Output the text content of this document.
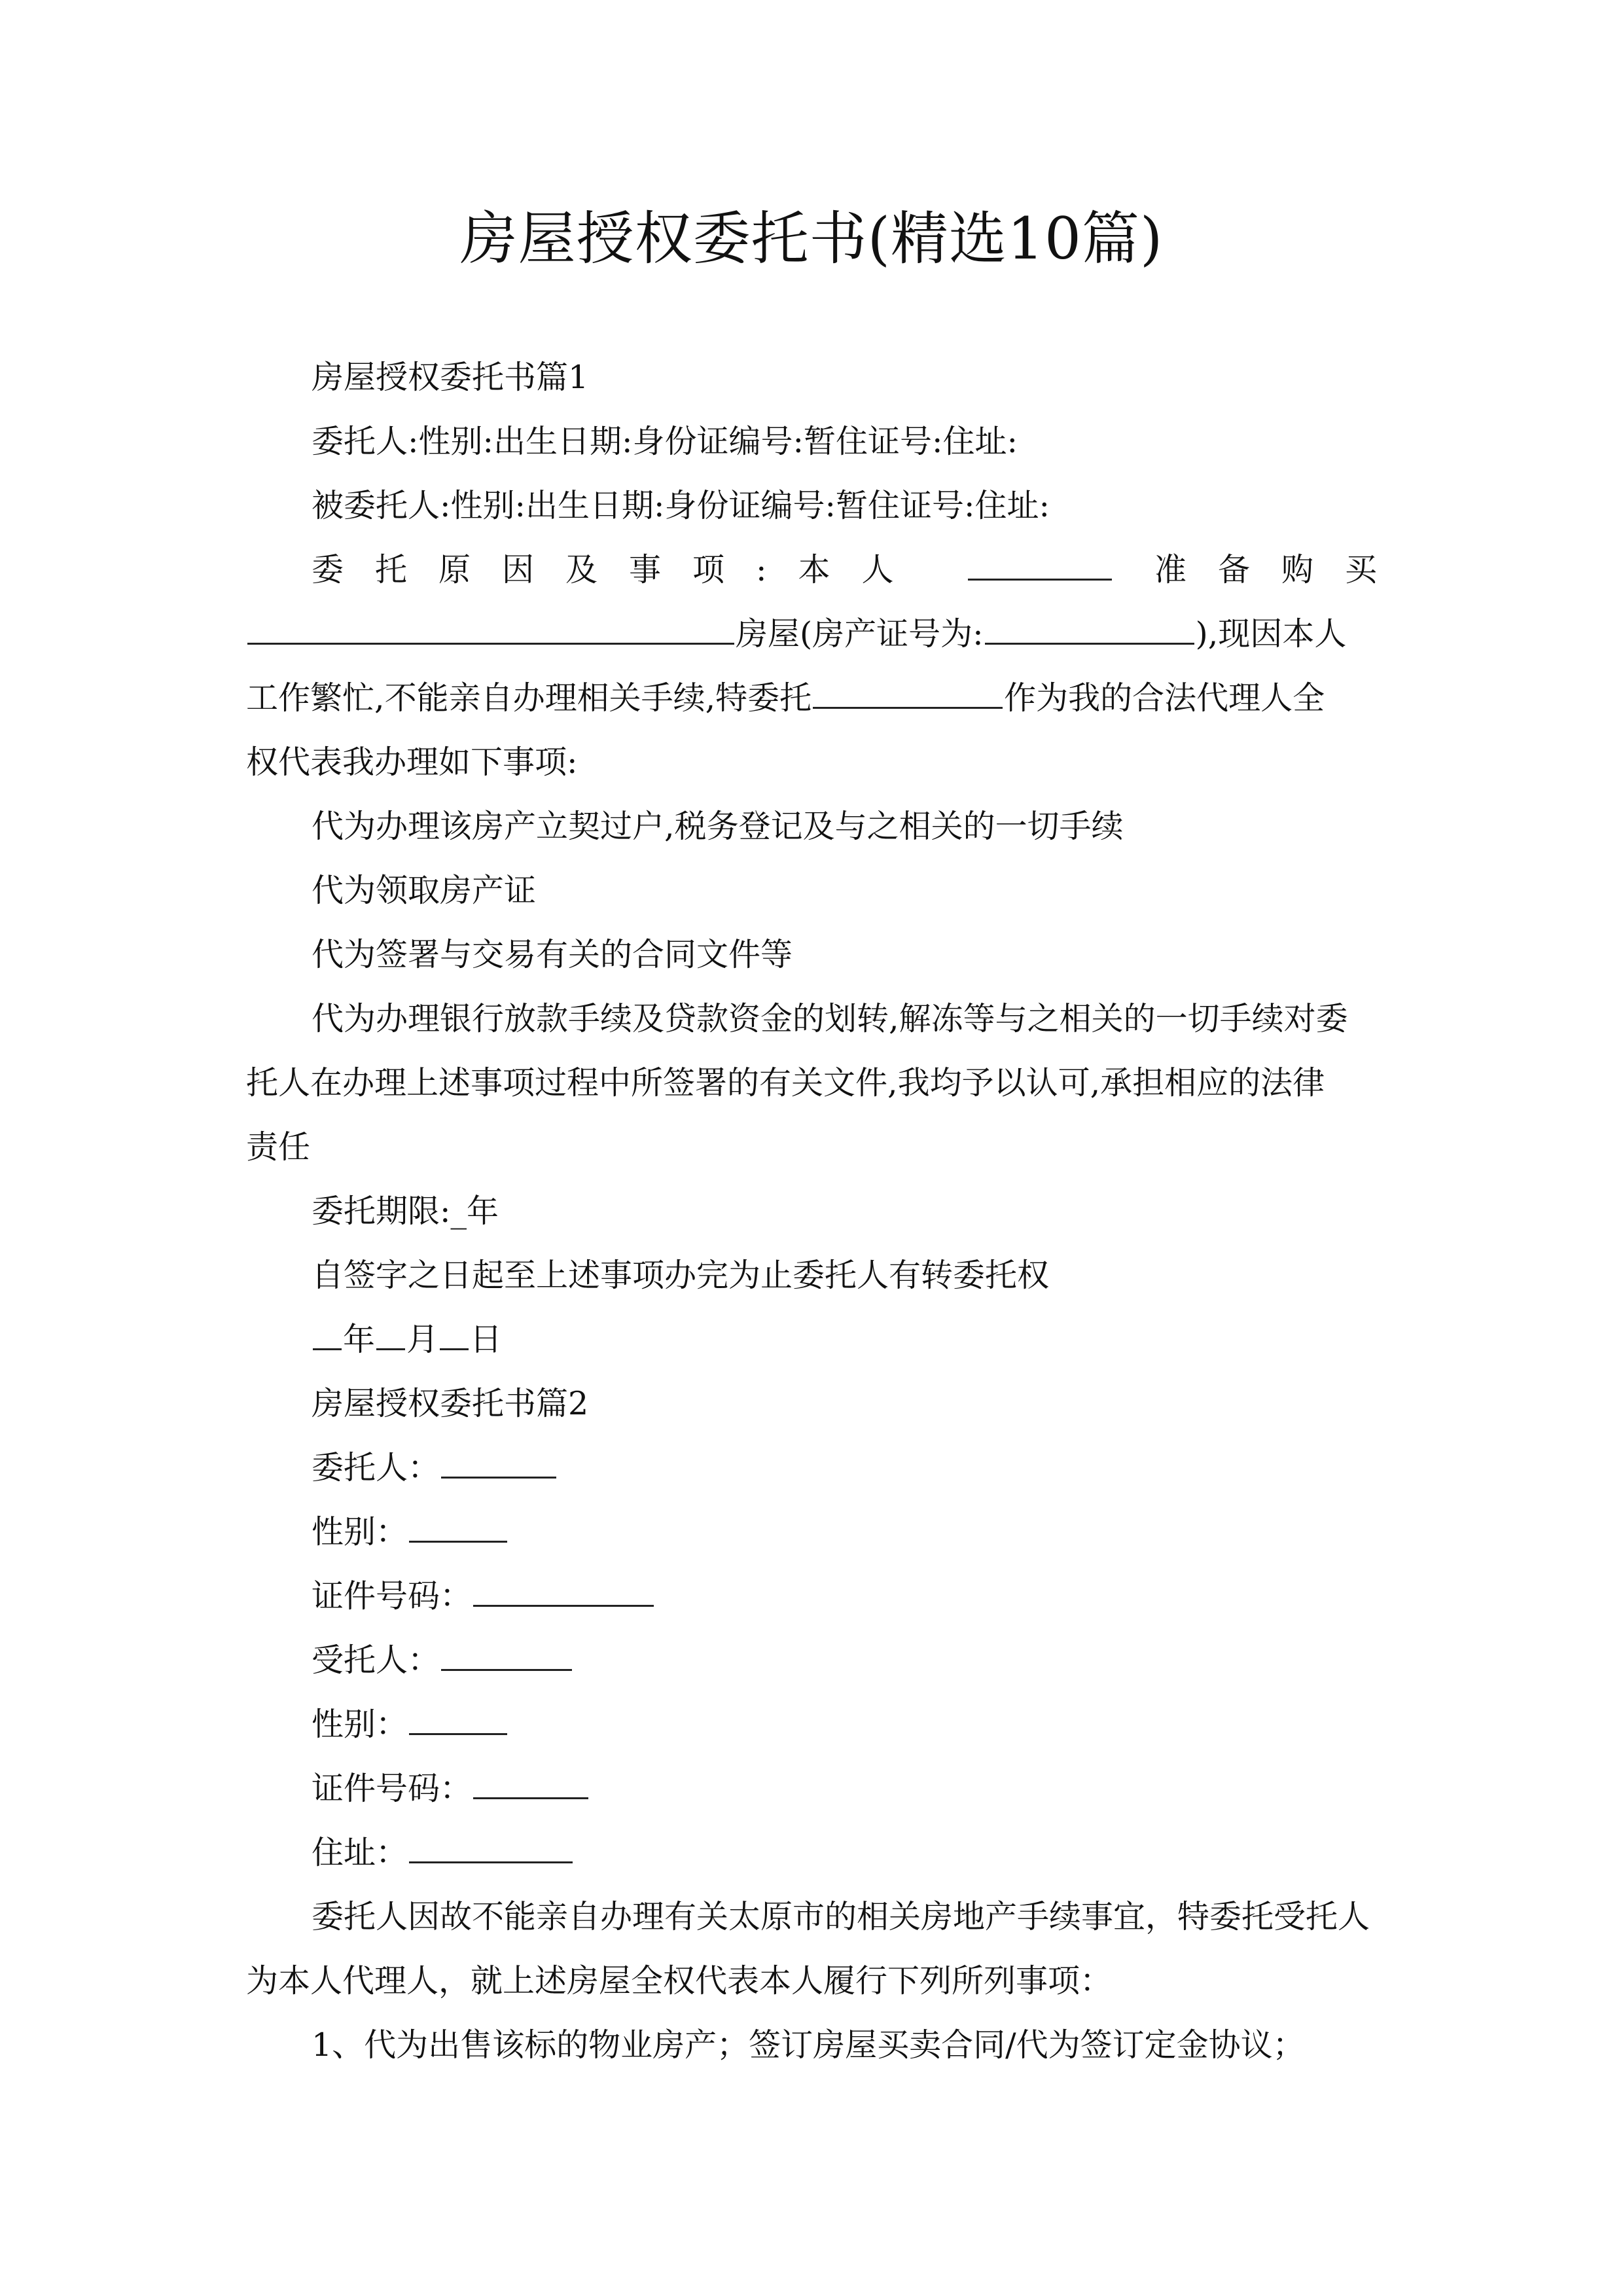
房屋授权委托书(精选10篇)
房屋授权委托书篇1
委托人:性别:出生日期:身份证编号:暂住证号:住址:
被委托人:性别:出生日期:身份证编号:暂住证号:住址:
委托原因及事项:本人	准备购买
房屋(房产证号为:	),现因本人
工作繁忙,不能亲自办理相关手续,特委托	作为我的合法代理人全
权代表我办理如下事项:
代为办理该房产立契过户,税务登记及与之相关的一切手续
代为领取房产证
代为签署与交易有关的合同文件等
代为办理银行放款手续及贷款资金的划转,解冻等与之相关的一切手续对委
托人在办理上述事项过程中所签署的有关文件,我均予以认可,承担相应的法律
责任
委托期限:_年
自签字之日起至上述事项办完为止委托人有转委托权
年 月 日
房屋授权委托书篇2
委托人：
性别：
证件号码：
受托人：
性别：
证件号码：
住址：
委托人因故不能亲自办理有关太原市的相关房地产手续事宜，特委托受托人
为本人代理人，就上述房屋全权代表本人履行下列所列事项：
1、代为出售该标的物业房产；签订房屋买卖合同/代为签订定金协议；
